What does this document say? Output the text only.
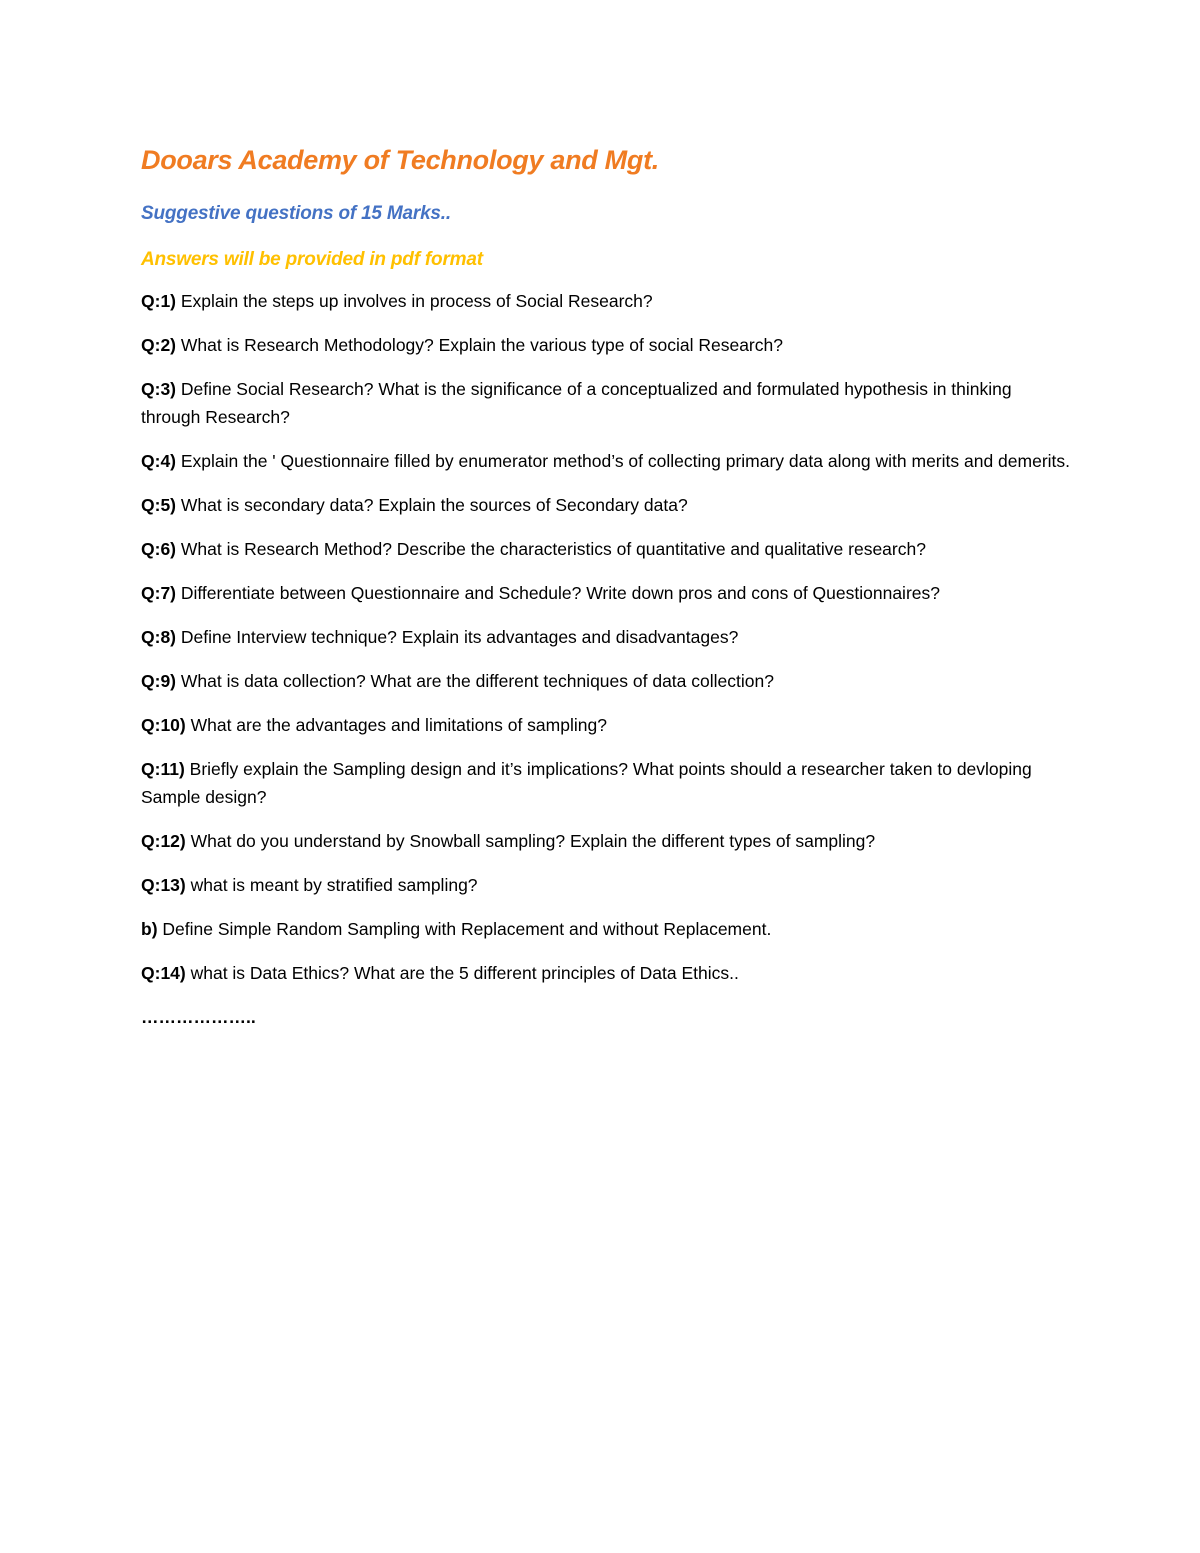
Dooars Academy of Technology and Mgt.
Suggestive questions of 15 Marks..
Answers will be provided in pdf format
Q:1) Explain the steps up involves in process of Social Research?
Q:2) What is Research Methodology? Explain the various type of social Research?
Q:3) Define Social Research? What is the significance of a conceptualized and formulated hypothesis in thinking through Research?
Q:4) Explain the ' Questionnaire filled by enumerator method’s of collecting primary data along with merits and demerits.
Q:5) What is secondary data? Explain the sources of Secondary data?
Q:6) What is Research Method? Describe the characteristics of quantitative and qualitative research?
Q:7) Differentiate between Questionnaire and Schedule? Write down pros and cons of Questionnaires?
Q:8) Define Interview technique? Explain its advantages and disadvantages?
Q:9) What is data collection? What are the different techniques of data collection?
Q:10) What are the advantages and limitations of sampling?
Q:11) Briefly explain the Sampling design and it’s implications? What points should a researcher taken to devloping Sample design?
Q:12) What do you understand by Snowball sampling? Explain the different types of sampling?
Q:13) what is meant by stratified sampling?
b) Define Simple Random Sampling with Replacement and without Replacement.
Q:14) what is Data Ethics? What are the 5 different principles of Data Ethics..
………………..
